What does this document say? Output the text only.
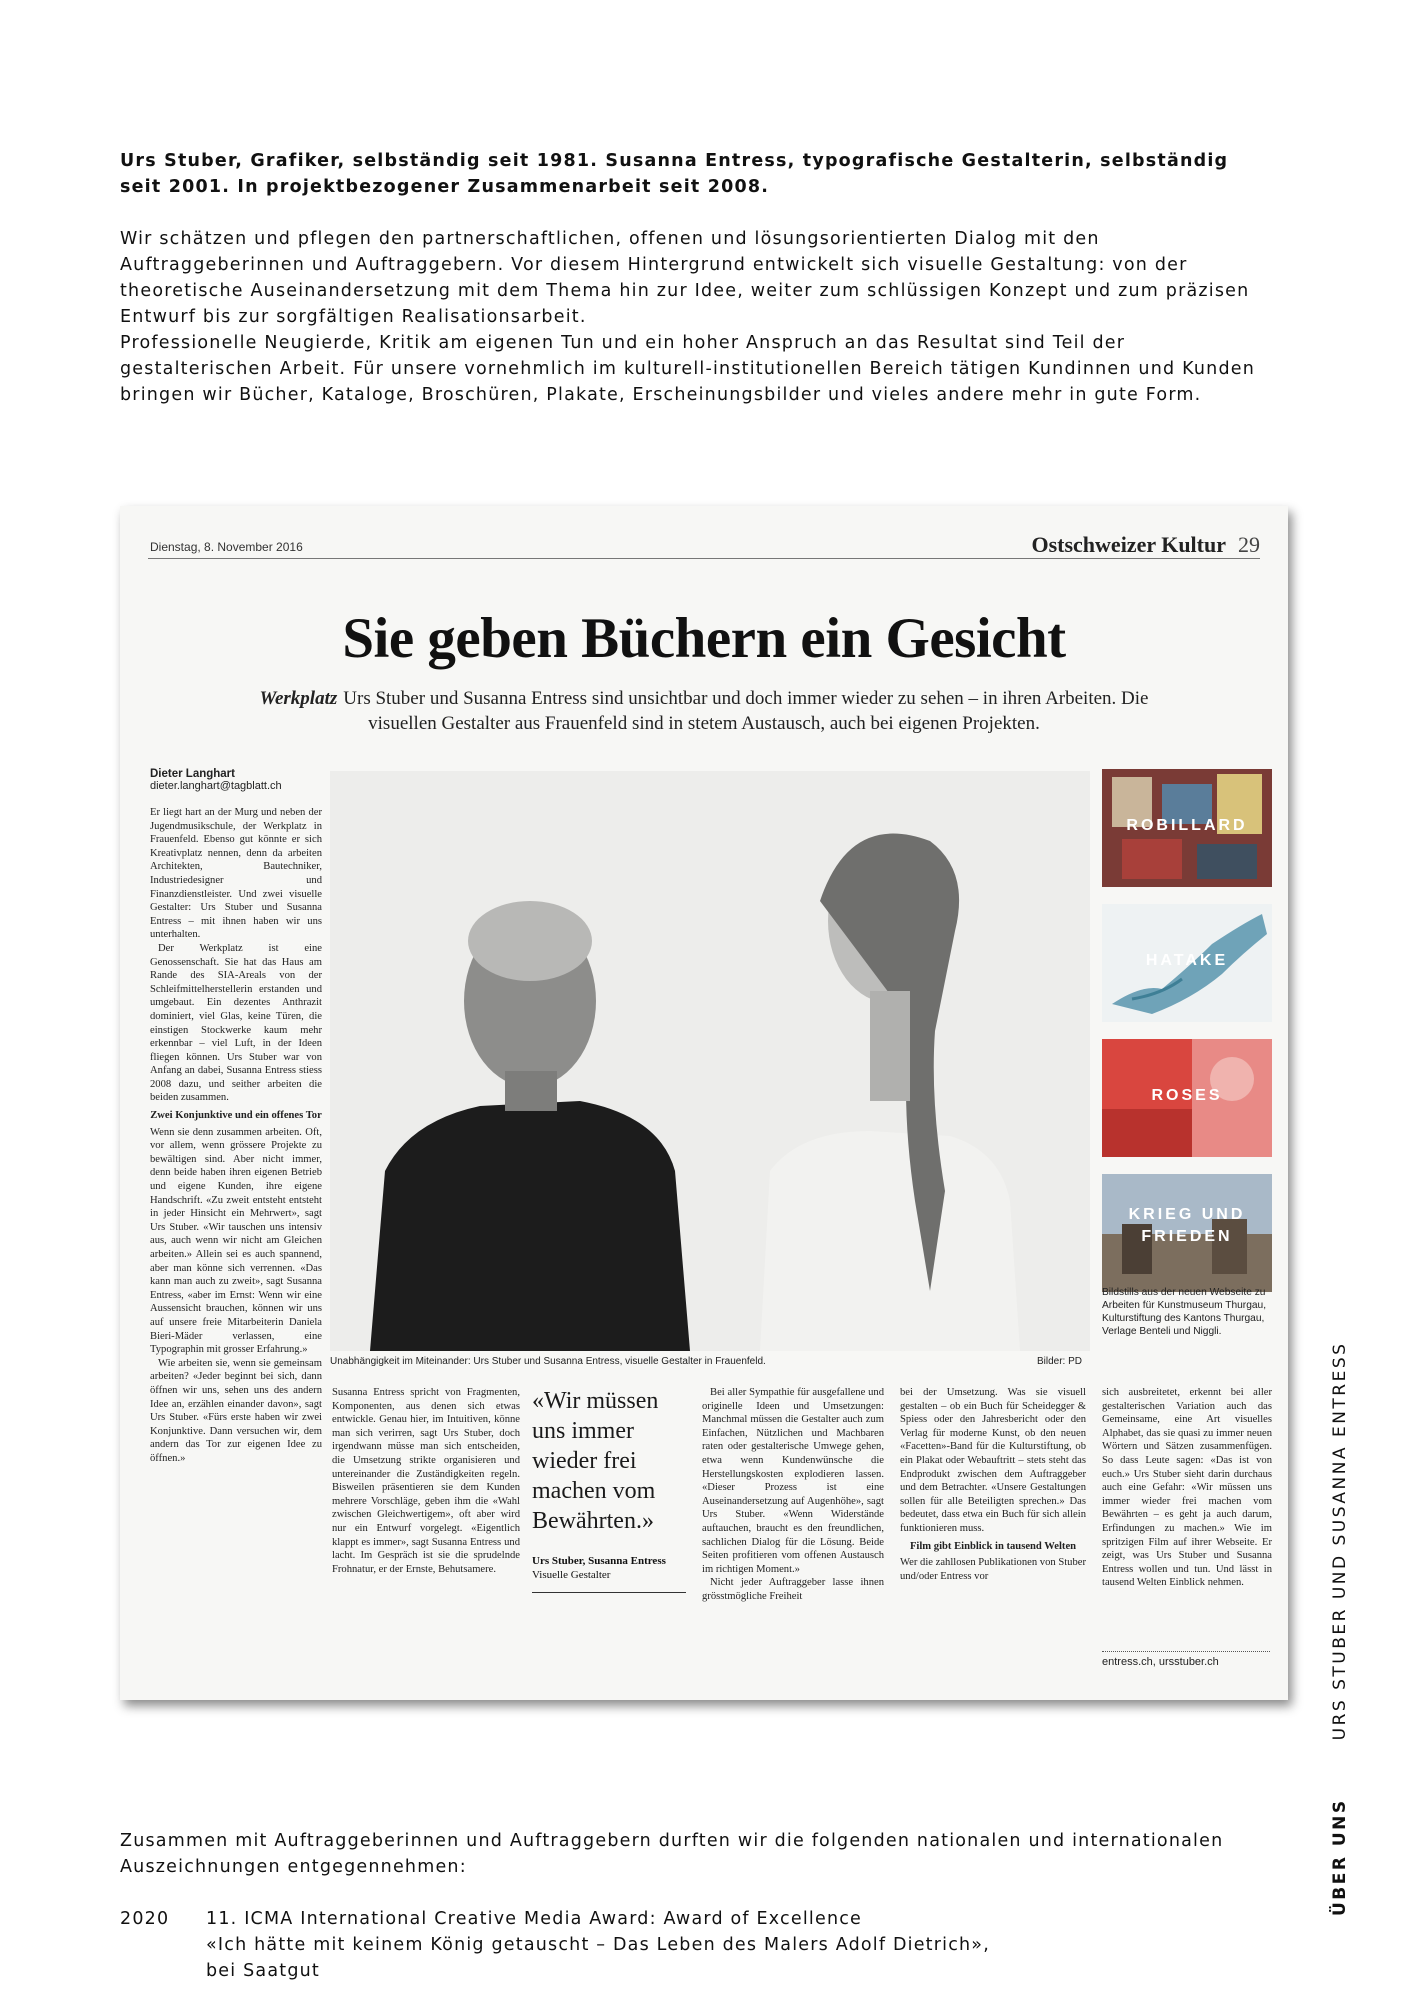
Urs Stuber, Grafiker, selbständig seit 1981. Susanna Entress, typografische Gestalterin, selbständig seit 2001. In projektbezogener Zusammenarbeit seit 2008.

Wir schätzen und pflegen den partnerschaftlichen, offenen und lösungsorientierten Dialog mit den Auftraggeberinnen und Auftraggebern. Vor diesem Hintergrund entwickelt sich visuelle Gestaltung: von der theoretische Auseinandersetzung mit dem Thema hin zur Idee, weiter zum schlüssigen Konzept und zum präzisen Entwurf bis zur sorgfältigen Realisationsarbeit.

Professionelle Neugierde, Kritik am eigenen Tun und ein hoher Anspruch an das Resultat sind Teil der gestalterischen Arbeit. Für unsere vornehmlich im kulturell-institutionellen Bereich tätigen Kundinnen und Kunden bringen wir Bücher, Kataloge, Broschüren, Plakate, Erscheinungsbilder und vieles andere mehr in gute Form.

Dienstag, 8. November 2016	Ostschweizer Kultur 29
Sie geben Büchern ein Gesicht
Werkplatz Urs Stuber und Susanna Entress sind unsichtbar und doch immer wieder zu sehen – in ihren Arbeiten. Die visuellen Gestalter aus Frauenfeld sind in stetem Austausch, auch bei eigenen Projekten.
Dieter Langhart
dieter.langhart@tagblatt.ch

Er liegt hart an der Murg und neben der Jugendmusikschule, der Werkplatz in Frauenfeld. Ebenso gut könnte er sich Kreativplatz nennen, denn da arbeiten Architekten, Bautechniker, Industriedesigner und Finanzdienstleister. Und zwei visuelle Gestalter: Urs Stuber und Susanna Entress – mit ihnen haben wir uns unterhalten.

Der Werkplatz ist eine Genossenschaft. Sie hat das Haus am Rande des SIA-Areals von der Schleifmittelherstellerin erstanden und umgebaut. Ein dezentes Anthrazit dominiert, viel Glas, keine Türen, die einstigen Stockwerke kaum mehr erkennbar – viel Luft, in der Ideen fliegen können. Urs Stuber war von Anfang an dabei, Susanna Entress stiess 2008 dazu, und seither arbeiten die beiden zusammen.

Zwei Konjunktive und ein offenes Tor

Wenn sie denn zusammen arbeiten. Oft, vor allem, wenn grössere Projekte zu bewältigen sind. Aber nicht immer, denn beide haben ihren eigenen Betrieb und eigene Kunden, ihre eigene Handschrift. «Zu zweit entsteht entsteht in jeder Hinsicht ein Mehrwert», sagt Urs Stuber. «Wir tauschen uns intensiv aus, auch wenn wir nicht am Gleichen arbeiten.» Allein sei es auch spannend, aber man könne sich verrennen. «Das kann man auch zu zweit», sagt Susanna Entress, «aber im Ernst: Wenn wir eine Aussensicht brauchen, können wir uns auf unsere freie Mitarbeiterin Daniela Bieri-Mäder verlassen, eine Typographin mit grosser Erfahrung.»

Wie arbeiten sie, wenn sie gemeinsam arbeiten? «Jeder beginnt bei sich, dann öffnen wir uns, sehen uns des andern Idee an, erzählen einander davon», sagt Urs Stuber. «Fürs erste haben wir zwei Konjunktive. Dann versuchen wir, dem andern das Tor zur eigenen Idee zu öffnen.»

Unabhängigkeit im Miteinander: Urs Stuber und Susanna Entress, visuelle Gestalter in Frauenfeld.	Bilder: PD
ROBILLARD
HATAKE
ROSES
KRIEG UND FRIEDEN
Bildstills aus der neuen Webseite zu Arbeiten für Kunstmuseum Thurgau, Kulturstiftung des Kantons Thurgau, Verlage Benteli und Niggli.

Susanna Entress spricht von Fragmenten, Komponenten, aus denen sich etwas entwickle. Genau hier, im Intuitiven, könne man sich verirren, sagt Urs Stuber, doch irgendwann müsse man sich entscheiden, die Umsetzung strikte organisieren und untereinander die Zuständigkeiten regeln. Bisweilen präsentieren sie dem Kunden mehrere Vorschläge, geben ihm die «Wahl zwischen Gleichwertigem», oft aber wird nur ein Entwurf vorgelegt. «Eigentlich klappt es immer», sagt Susanna Entress und lacht. Im Gespräch ist sie die sprudelnde Frohnatur, er der Ernste, Behutsamere.

«Wir müssen uns immer wieder frei machen vom Bewährten.»
Urs Stuber, Susanna Entress
Visuelle Gestalter

Bei aller Sympathie für ausgefallene und originelle Ideen und Umsetzungen: Manchmal müssen die Gestalter auch zum Einfachen, Nützlichen und Machbaren raten oder gestalterische Umwege gehen, etwa wenn Kundenwünsche die Herstellungskosten explodieren lassen. «Dieser Prozess ist eine Auseinandersetzung auf Augenhöhe», sagt Urs Stuber. «Wenn Widerstände auftauchen, braucht es den freundlichen, sachlichen Dialog für die Lösung. Beide Seiten profitieren vom offenen Austausch im richtigen Moment.»

Nicht jeder Auftraggeber lasse ihnen grösstmögliche Freiheit

bei der Umsetzung. Was sie visuell gestalten – ob ein Buch für Scheidegger & Spiess oder den Jahresbericht oder den Verlag für moderne Kunst, ob den neuen «Facetten»-Band für die Kulturstiftung, ob ein Plakat oder Webauftritt – stets steht das Endprodukt zwischen dem Auftraggeber und dem Betrachter. «Unsere Gestaltungen sollen für alle Beteiligten sprechen.» Das bedeutet, dass etwa ein Buch für sich allein funktionieren muss.

Film gibt Einblick in tausend Welten

Wer die zahllosen Publikationen von Stuber und/oder Entress vor

sich ausbreitetet, erkennt bei aller gestalterischen Variation auch das Gemeinsame, eine Art visuelles Alphabet, das sie quasi zu immer neuen Wörtern und Sätzen zusammenfügen. So dass Leute sagen: «Das ist von euch.» Urs Stuber sieht darin durchaus auch eine Gefahr: «Wir müssen uns immer wieder frei machen vom Bewährten – es geht ja auch darum, Erfindungen zu machen.» Wie im spritzigen Film auf ihrer Webseite. Er zeigt, was Urs Stuber und Susanna Entress wollen und tun. Und lässt in tausend Welten Einblick nehmen.

entress.ch, ursstuber.ch
ÜBER UNSURS STUBER UND SUSANNA ENTRESS

Zusammen mit Auftraggeberinnen und Auftraggebern durften wir die folgenden nationalen und internationalen Auszeichnungen entgegennehmen:

2020	11. ICMA International Creative Media Award: Award of Excellence
«Ich hätte mit keinem König getauscht – Das Leben des Malers Adolf Dietrich»,
bei Saatgut
